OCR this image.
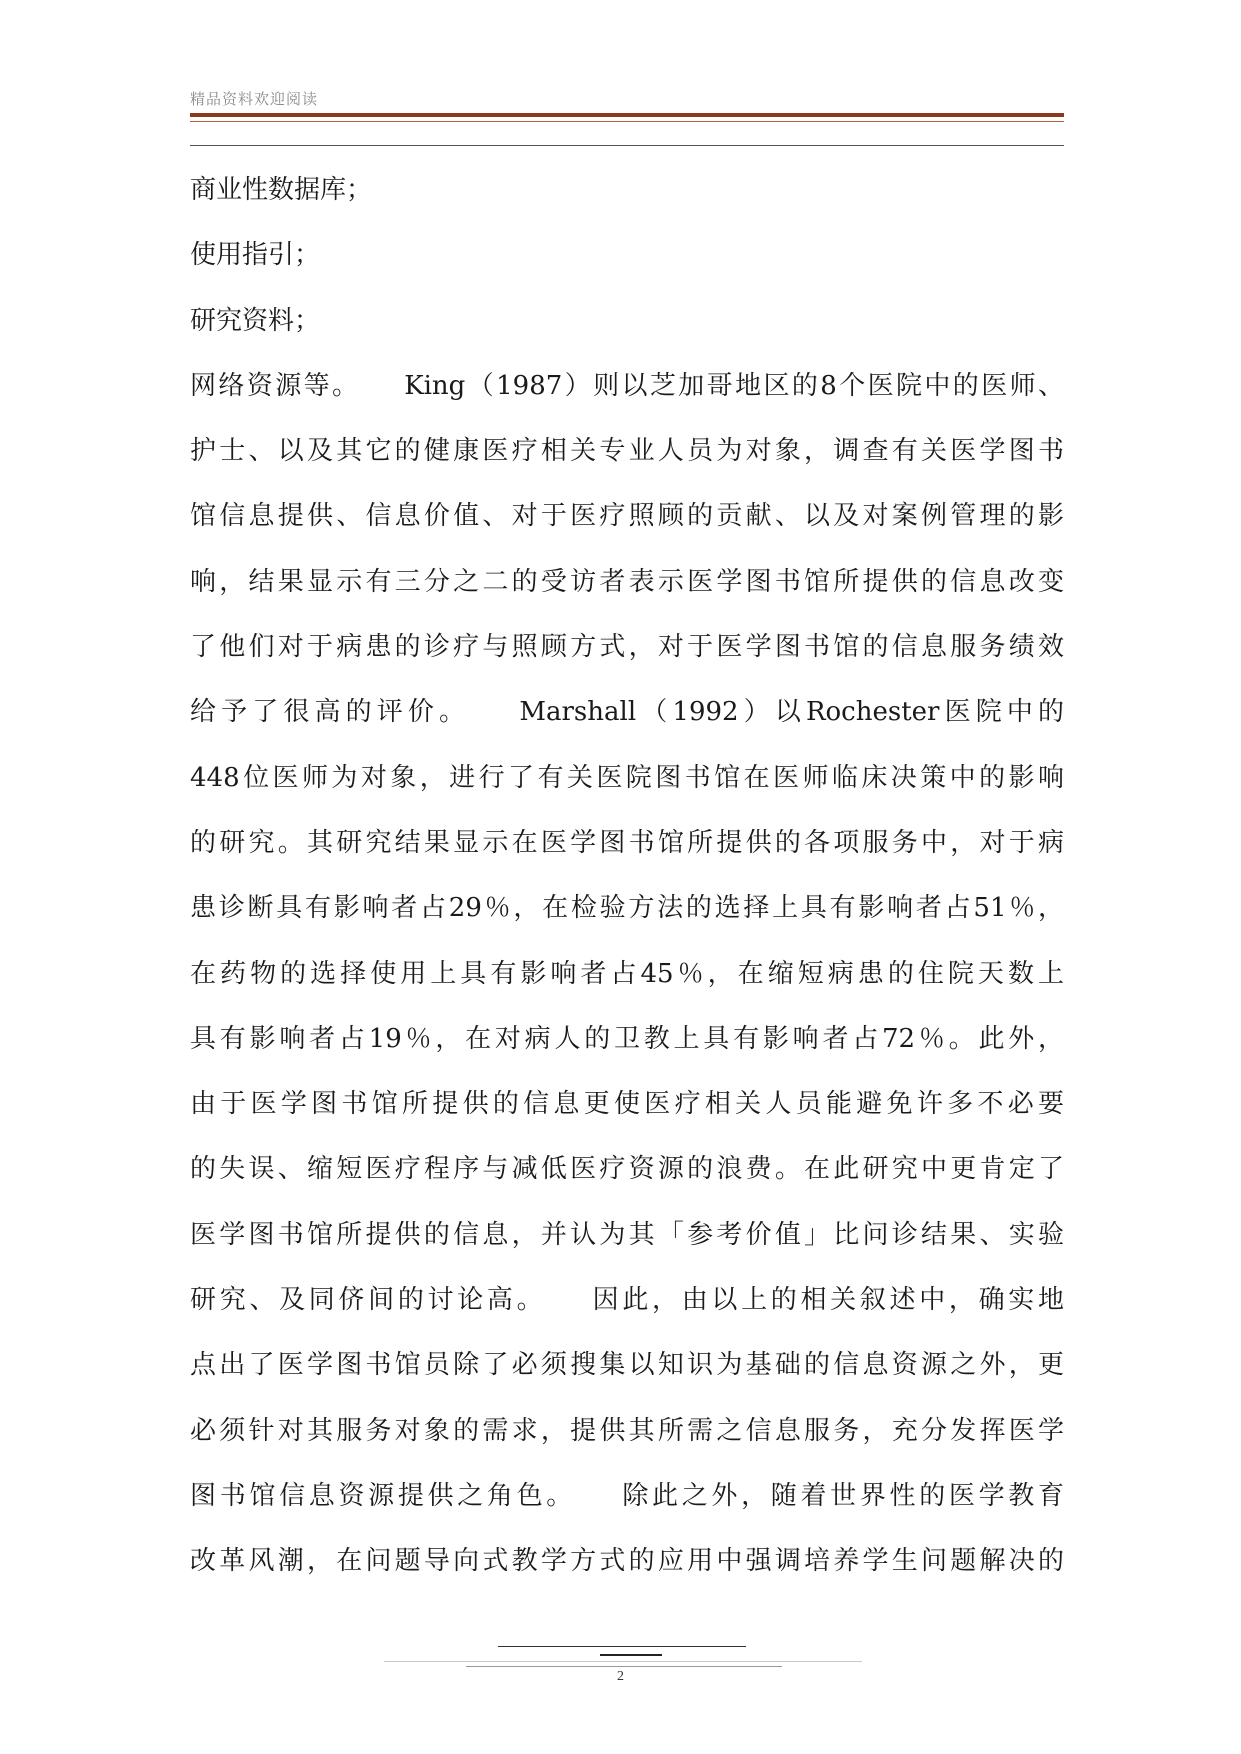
精品资料欢迎阅读
商业性数据库；
使用指引；
研究资料；
网络资源等。　　King（1987）则以芝加哥地区的8个医院中的医师、
护士、以及其它的健康医疗相关专业人员为对象，调查有关医学图书
馆信息提供、信息价值、对于医疗照顾的贡献、以及对案例管理的影
响，结果显示有三分之二的受访者表示医学图书馆所提供的信息改变
了他们对于病患的诊疗与照顾方式，对于医学图书馆的信息服务绩效
给予了很高的评价。　　Marshall（1992）以Rochester医院中的
448位医师为对象，进行了有关医院图书馆在医师临床决策中的影响
的研究。其研究结果显示在医学图书馆所提供的各项服务中，对于病
患诊断具有影响者占29％，在检验方法的选择上具有影响者占51％，
在药物的选择使用上具有影响者占45％，在缩短病患的住院天数上
具有影响者占19％，在对病人的卫教上具有影响者占72％。此外，
由于医学图书馆所提供的信息更使医疗相关人员能避免许多不必要
的失误、缩短医疗程序与减低医疗资源的浪费。在此研究中更肯定了
医学图书馆所提供的信息，并认为其「参考价值」比问诊结果、实验
研究、及同侪间的讨论高。　　因此，由以上的相关叙述中，确实地
点出了医学图书馆员除了必须搜集以知识为基础的信息资源之外，更
必须针对其服务对象的需求，提供其所需之信息服务，充分发挥医学
图书馆信息资源提供之角色。　　除此之外，随着世界性的医学教育
改革风潮，在问题导向式教学方式的应用中强调培养学生问题解决的
2
